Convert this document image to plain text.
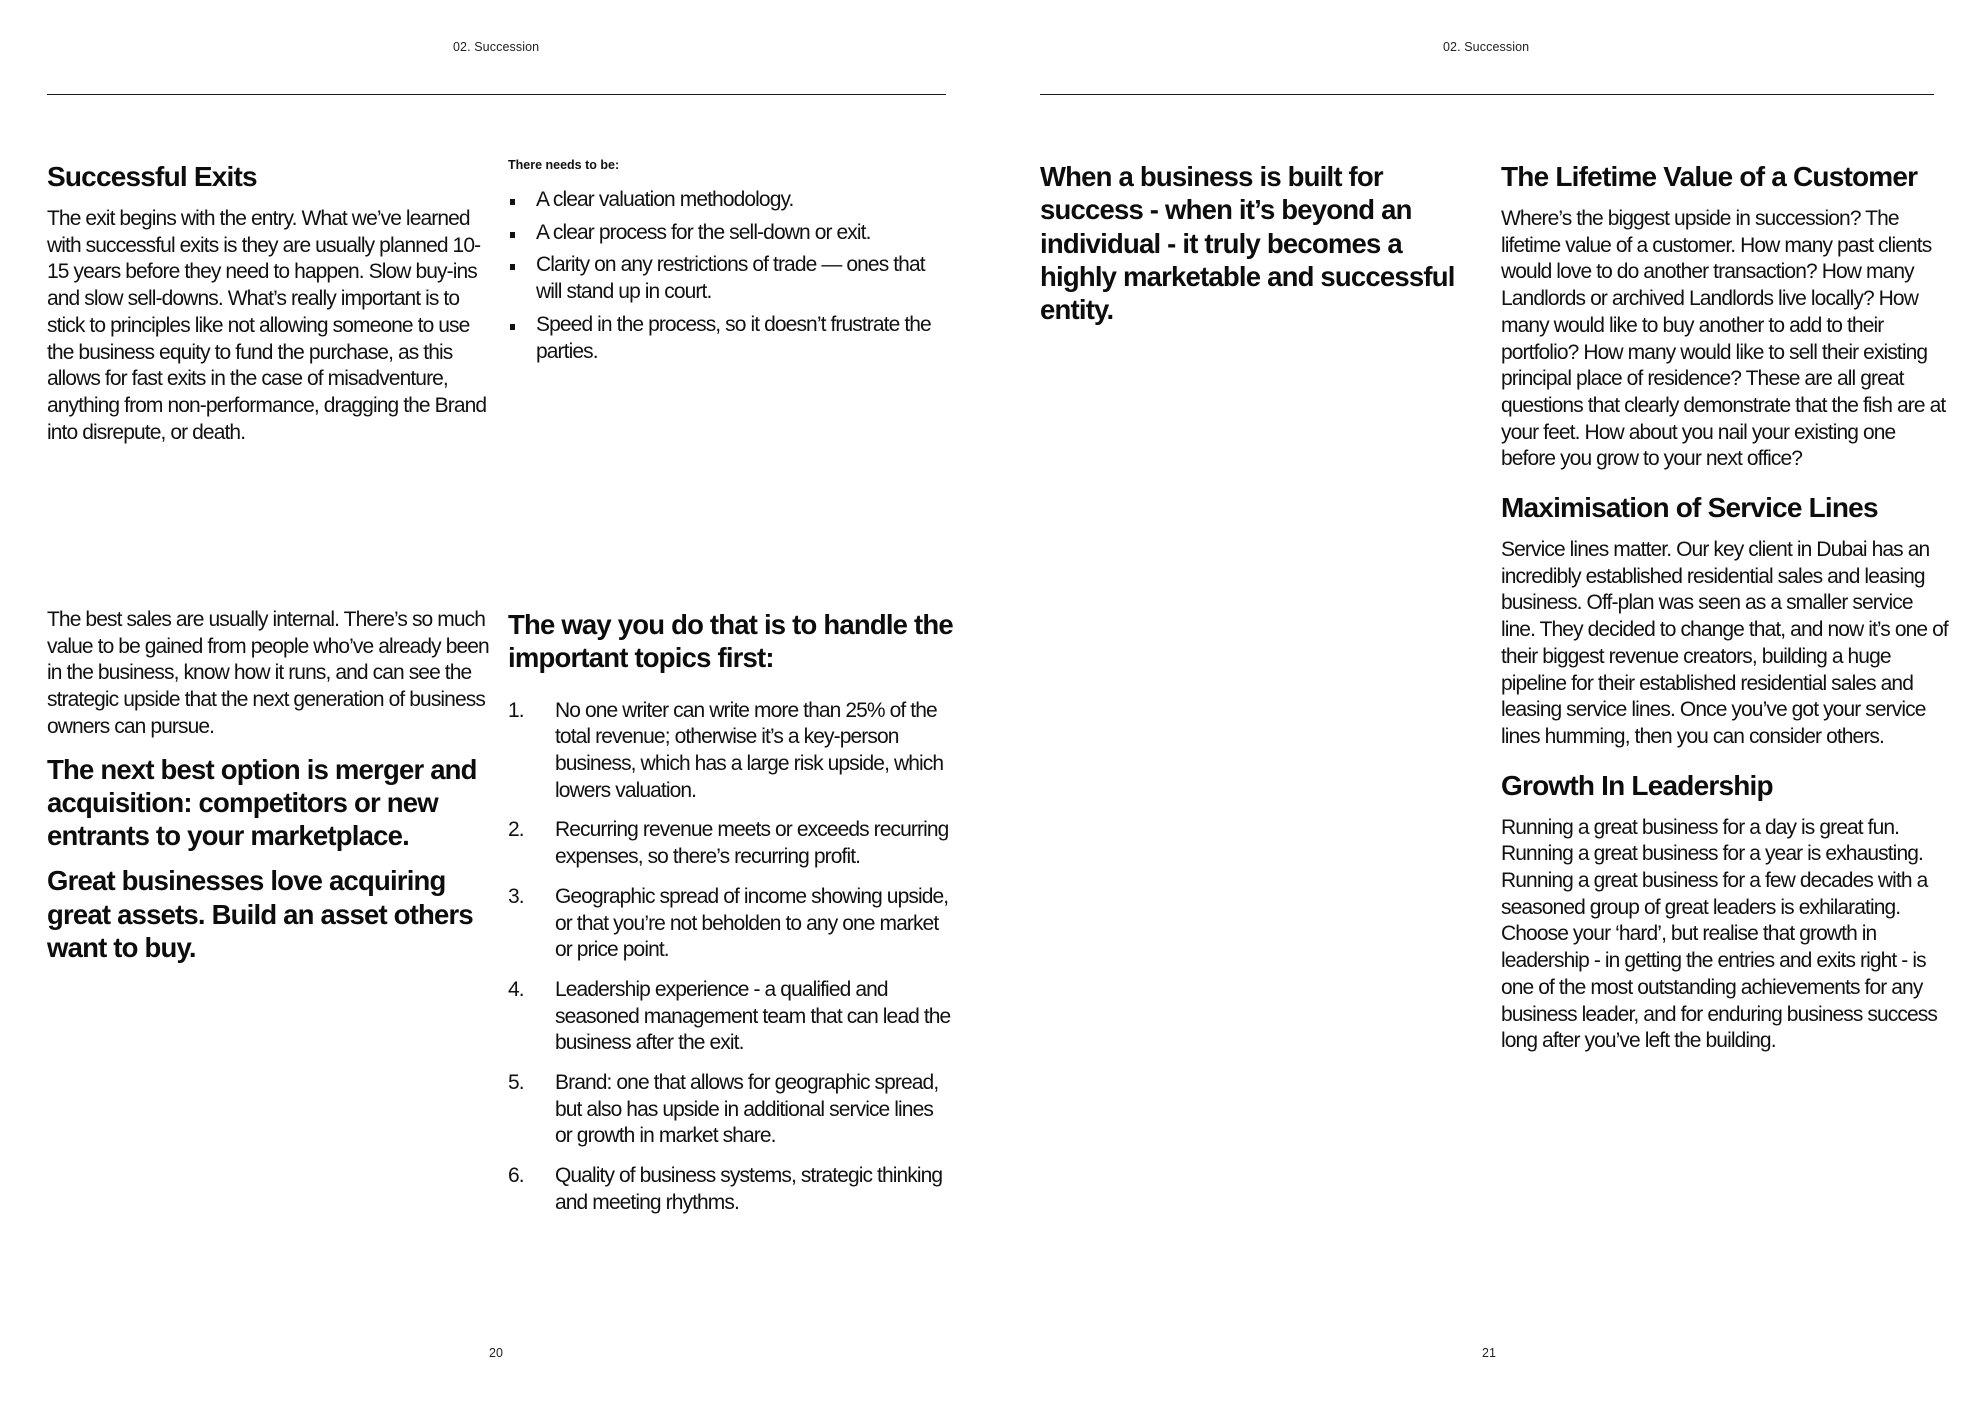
02. Succession
Successful Exits

The exit begins with the entry. What we’ve learned with successful exits is they are usually planned 10-15 years before they need to happen. Slow buy-ins and slow sell-downs. What’s really important is to stick to principles like not allowing someone to use the business equity to fund the purchase, as this allows for fast exits in the case of misadventure, anything from non-performance, dragging the Brand into disrepute, or death.

There needs to be:

A clear valuation methodology.
A clear process for the sell-down or exit.
Clarity on any restrictions of trade — ones that will stand up in court.
Speed in the process, so it doesn’t frustrate the parties.

The best sales are usually internal. There’s so much value to be gained from people who’ve already been in the business, know how it runs, and can see the strategic upside that the next generation of business owners can pursue.

The next best option is merger and acquisition: competitors or new entrants to your marketplace.

Great businesses love acquiring great assets. Build an asset others want to buy.

The way you do that is to handle the important topics first:
1. No one writer can write more than 25% of the total revenue; otherwise it’s a key-person business, which has a large risk upside, which lowers valuation.
2. Recurring revenue meets or exceeds recurring expenses, so there’s recurring profit.
3. Geographic spread of income showing upside, or that you’re not beholden to any one market or price point.
4. Leadership experience - a qualified and seasoned management team that can lead the business after the exit.
5. Brand: one that allows for geographic spread, but also has upside in additional service lines or growth in market share.
6. Quality of business systems, strategic thinking and meeting rhythms.
20
02. Succession

When a business is built for success - when it’s beyond an individual - it truly becomes a highly marketable and successful entity.

The Lifetime Value of a Customer

Where’s the biggest upside in succession? The lifetime value of a customer. How many past clients would love to do another transaction? How many Landlords or archived Landlords live locally? How many would like to buy another to add to their portfolio? How many would like to sell their existing principal place of residence? These are all great questions that clearly demonstrate that the fish are at your feet. How about you nail your existing one before you grow to your next office?

Maximisation of Service Lines

Service lines matter. Our key client in Dubai has an incredibly established residential sales and leasing business. Off-plan was seen as a smaller service line. They decided to change that, and now it’s one of their biggest revenue creators, building a huge pipeline for their established residential sales and leasing service lines. Once you’ve got your service lines humming, then you can consider others.

Growth In Leadership

Running a great business for a day is great fun. Running a great business for a year is exhausting. Running a great business for a few decades with a seasoned group of great leaders is exhilarating. Choose your ‘hard’, but realise that growth in leadership - in getting the entries and exits right - is one of the most outstanding achievements for any business leader, and for enduring business success long after you’ve left the building.

21
